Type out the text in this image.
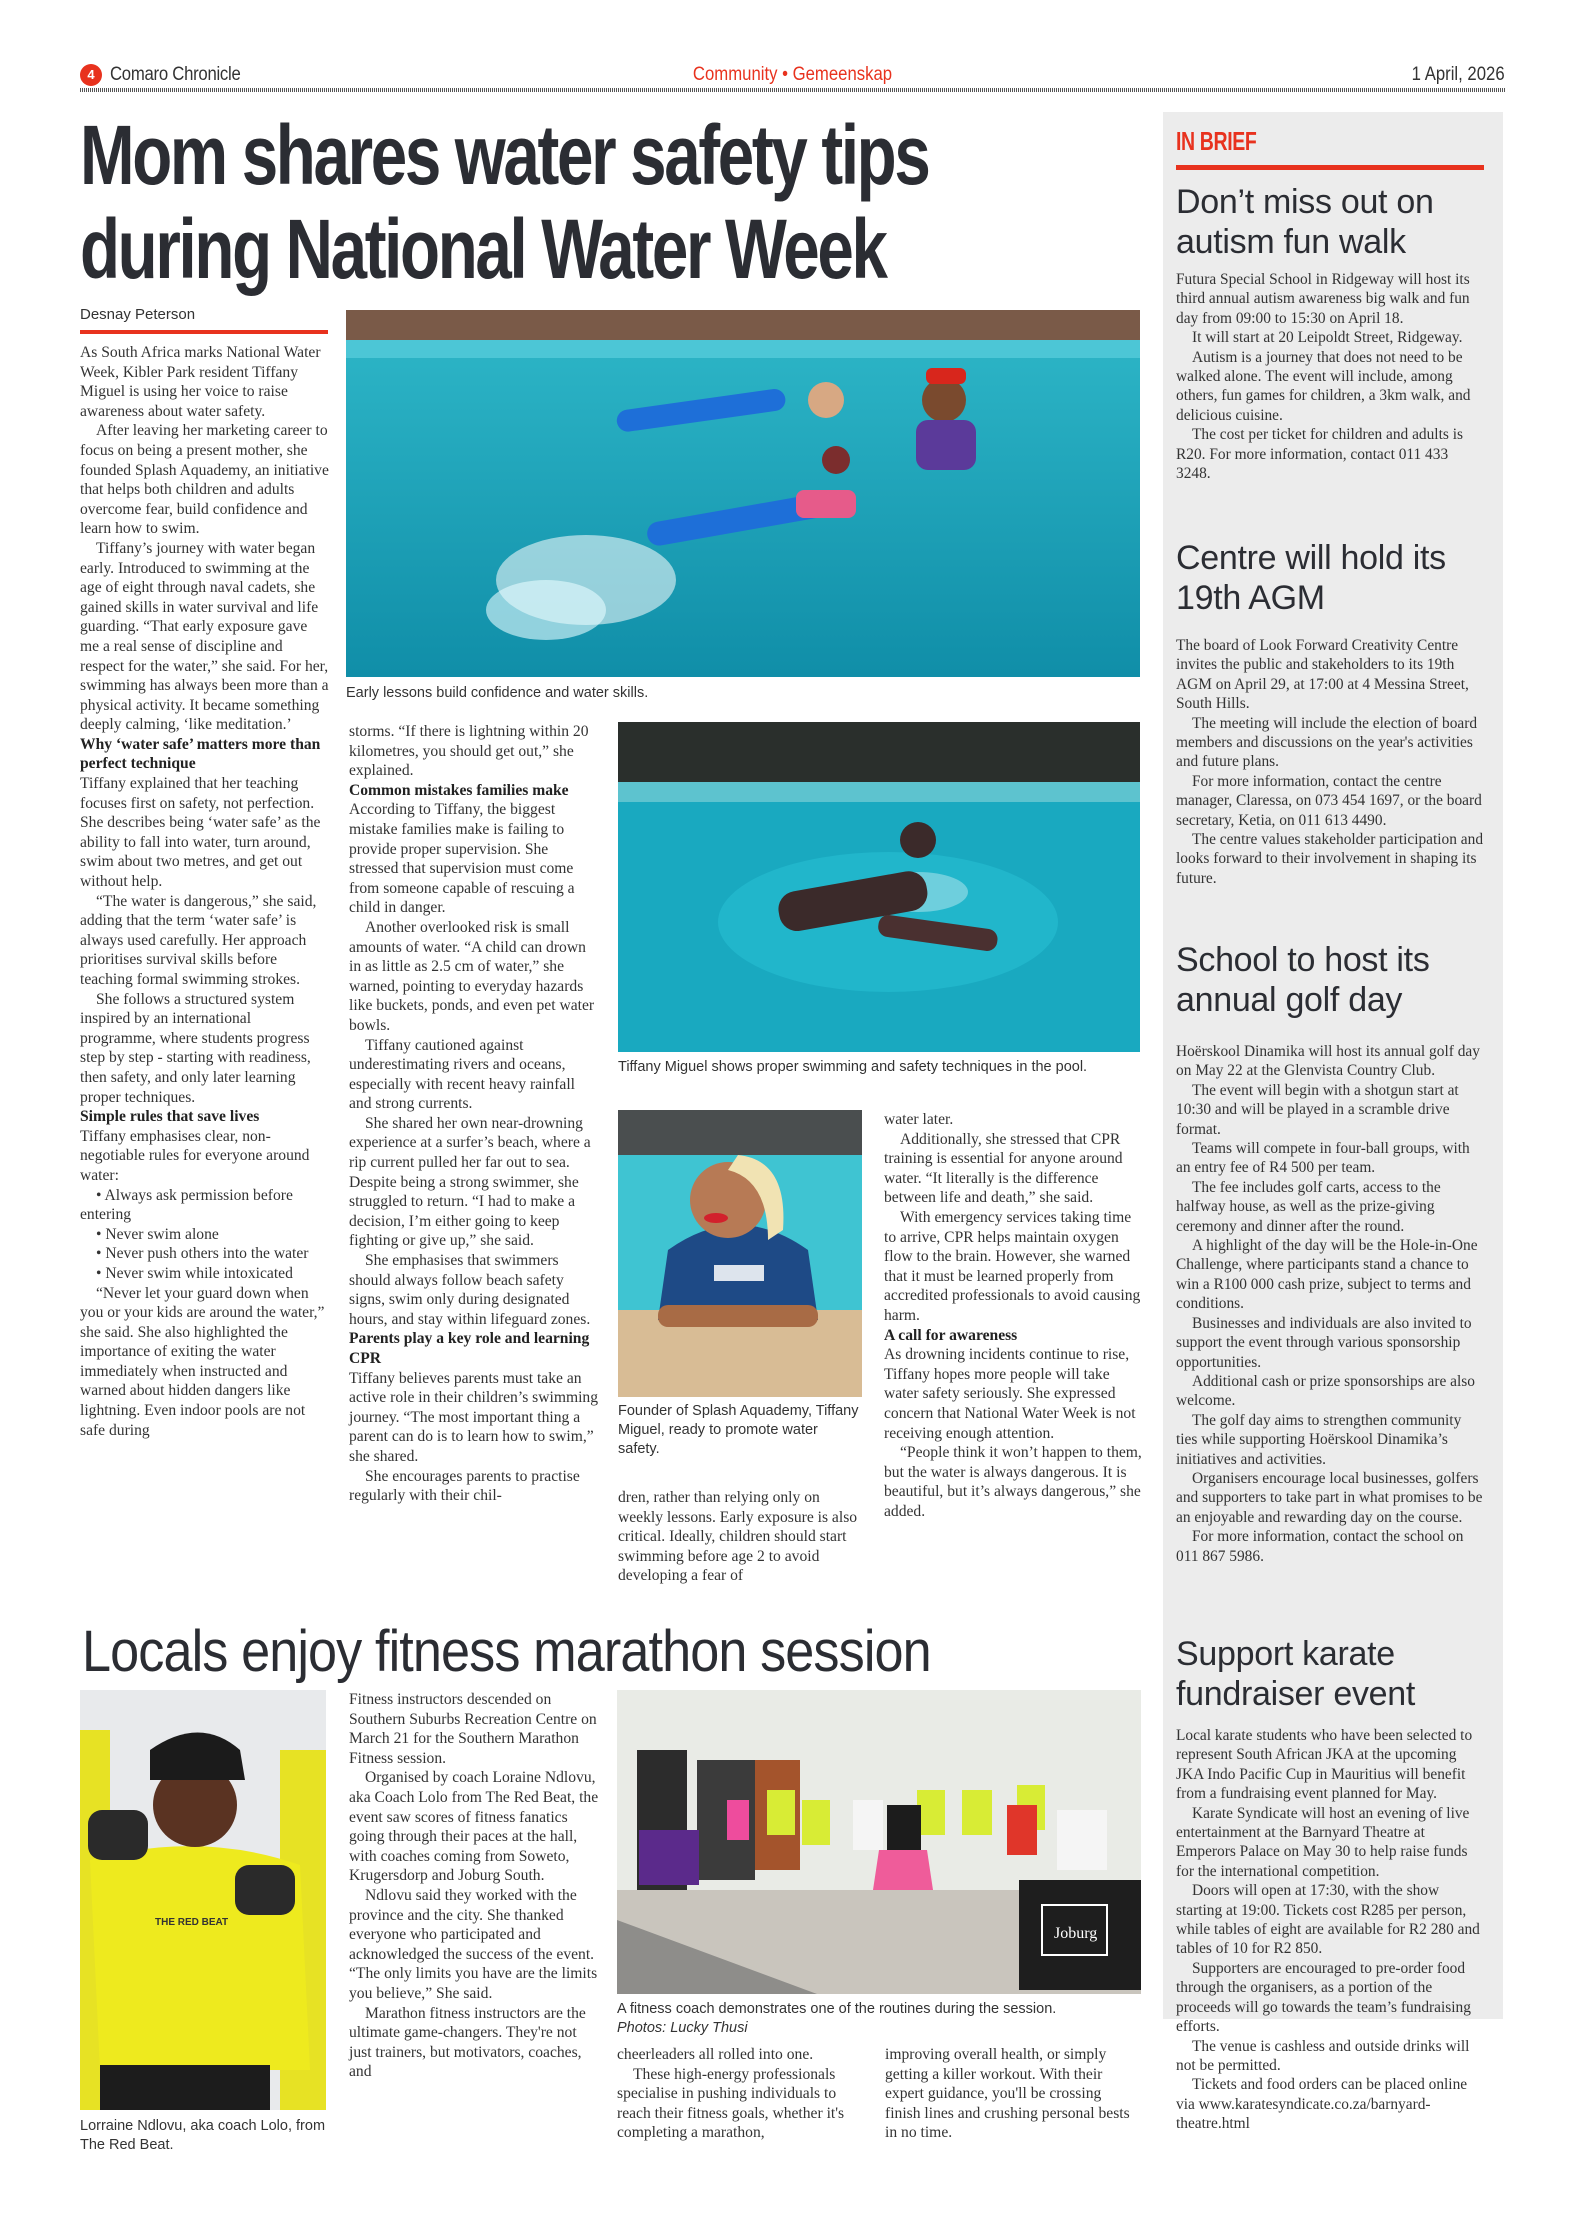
4 Comaro Chronicle	Community • Gemeenskap	1 April, 2026
Mom shares water safety tips
during National Water Week
Desnay Peterson

As South Africa marks National Water Week, Kibler Park resident Tiffany Miguel is using her voice to raise awareness about water safety.

After leaving her marketing career to focus on being a present mother, she founded Splash Aquademy, an initiative that helps both children and adults overcome fear, build confidence and learn how to swim.

Tiffany’s journey with water began early. Introduced to swimming at the age of eight through naval cadets, she gained skills in water survival and life guarding. “That early exposure gave me a real sense of discipline and respect for the water,” she said. For her, swimming has always been more than a physical activity. It became something deeply calming, ‘like meditation.’

Why ‘water safe’ matters more than perfect technique

Tiffany explained that her teaching focuses first on safety, not perfection. She describes being ‘water safe’ as the ability to fall into water, turn around, swim about two metres, and get out without help.

“The water is dangerous,” she said, adding that the term ‘water safe’ is always used carefully. Her approach prioritises survival skills before teaching formal swimming strokes.

She follows a structured system inspired by an international programme, where students progress step by step - starting with readiness, then safety, and only later learning proper techniques.

Simple rules that save lives

Tiffany emphasises clear, non-negotiable rules for everyone around water:

• Always ask permission before entering

• Never swim alone

• Never push others into the water

• Never swim while intoxicated

“Never let your guard down when you or your kids are around the water,” she said. She also highlighted the importance of exiting the water immediately when instructed and warned about hidden dangers like lightning. Even indoor pools are not safe during

Early lessons build confidence and water skills.

storms. “If there is lightning within 20 kilometres, you should get out,” she explained.

Common mistakes families make

According to Tiffany, the biggest mistake families make is failing to provide proper supervision. She stressed that supervision must come from someone capable of rescuing a child in danger.

Another overlooked risk is small amounts of water. “A child can drown in as little as 2.5 cm of water,” she warned, pointing to everyday hazards like buckets, ponds, and even pet water bowls.

Tiffany cautioned against underestimating rivers and oceans, especially with recent heavy rainfall and strong currents.

She shared her own near-drowning experience at a surfer’s beach, where a rip current pulled her far out to sea. Despite being a strong swimmer, she struggled to return. “I had to make a decision, I’m either going to keep fighting or give up,” she said.

She emphasises that swimmers should always follow beach safety signs, swim only during designated hours, and stay within lifeguard zones.

Parents play a key role and learning CPR

Tiffany believes parents must take an active role in their children’s swimming journey. “The most important thing a parent can do is to learn how to swim,” she shared.

She encourages parents to practise regularly with their chil-

Tiffany Miguel shows proper swimming and safety techniques in the pool.
Founder of Splash Aquademy, Tiffany Miguel, ready to promote water safety.

dren, rather than relying only on weekly lessons. Early exposure is also critical. Ideally, children should start swimming before age 2 to avoid developing a fear of

water later.

Additionally, she stressed that CPR training is essential for anyone around water. “It literally is the difference between life and death,” she said.

With emergency services taking time to arrive, CPR helps maintain oxygen flow to the brain. However, she warned that it must be learned properly from accredited professionals to avoid causing harm.

A call for awareness

As drowning incidents continue to rise, Tiffany hopes more people will take water safety seriously. She expressed concern that National Water Week is not receiving enough attention.

“People think it won’t happen to them, but the water is always dangerous. It is beautiful, but it’s always dangerous,” she added.

Locals enjoy fitness marathon session
THE RED BEAT
Lorraine Ndlovu, aka coach Lolo, from The Red Beat.

Fitness instructors descended on Southern Suburbs Recreation Centre on March 21 for the Southern Marathon Fitness session.

Organised by coach Loraine Ndlovu, aka Coach Lolo from The Red Beat, the event saw scores of fitness fanatics going through their paces at the hall, with coaches coming from Soweto, Krugersdorp and Joburg South.

Ndlovu said they worked with the province and the city. She thanked everyone who participated and acknowledged the success of the event. “The only limits you have are the limits you believe,” She said.

Marathon fitness instructors are the ultimate game-changers. They're not just trainers, but motivators, coaches, and

Joburg
A fitness coach demonstrates one of the routines during the session.
Photos: Lucky Thusi

cheerleaders all rolled into one.

These high-energy professionals specialise in pushing individuals to reach their fitness goals, whether it's completing a marathon,

improving overall health, or simply getting a killer workout. With their expert guidance, you'll be crossing finish lines and crushing personal bests in no time.

IN BRIEF
Don’t miss out on autism fun walk

Futura Special School in Ridgeway will host its third annual autism awareness big walk and fun day from 09:00 to 15:30 on April 18.

It will start at 20 Leipoldt Street, Ridgeway.

Autism is a journey that does not need to be walked alone. The event will include, among others, fun games for children, a 3km walk, and delicious cuisine.

The cost per ticket for children and adults is R20. For more information, contact 011 433 3248.

Centre will hold its 19th AGM

The board of Look Forward Creativity Centre invites the public and stakeholders to its 19th AGM on April 29, at 17:00 at 4 Messina Street, South Hills.

The meeting will include the election of board members and discussions on the year's activities and future plans.

For more information, contact the centre manager, Claressa, on 073 454 1697, or the board secretary, Ketia, on 011 613 4490.

The centre values stakeholder participation and looks forward to their involvement in shaping its future.

School to host its annual golf day

Hoërskool Dinamika will host its annual golf day on May 22 at the Glenvista Country Club.

The event will begin with a shotgun start at 10:30 and will be played in a scramble drive format.

Teams will compete in four-ball groups, with an entry fee of R4 500 per team.

The fee includes golf carts, access to the halfway house, as well as the prize-giving ceremony and dinner after the round.

A highlight of the day will be the Hole-in-One Challenge, where participants stand a chance to win a R100 000 cash prize, subject to terms and conditions.

Businesses and individuals are also invited to support the event through various sponsorship opportunities.

Additional cash or prize sponsorships are also welcome.

The golf day aims to strengthen community ties while supporting Hoërskool Dinamika’s initiatives and activities.

Organisers encourage local businesses, golfers and supporters to take part in what promises to be an enjoyable and rewarding day on the course.

For more information, contact the school on 011 867 5986.

Support karate fundraiser event

Local karate students who have been selected to represent South African JKA at the upcoming JKA Indo Pacific Cup in Mauritius will benefit from a fundraising event planned for May.

Karate Syndicate will host an evening of live entertainment at the Barnyard Theatre at Emperors Palace on May 30 to help raise funds for the international competition.

Doors will open at 17:30, with the show starting at 19:00. Tickets cost R285 per person, while tables of eight are available for R2 280 and tables of 10 for R2 850.

Supporters are encouraged to pre-order food through the organisers, as a portion of the proceeds will go towards the team’s fundraising efforts.

The venue is cashless and outside drinks will not be permitted.

Tickets and food orders can be placed online via www.karatesyndicate.co.za/barnyard-theatre.html
